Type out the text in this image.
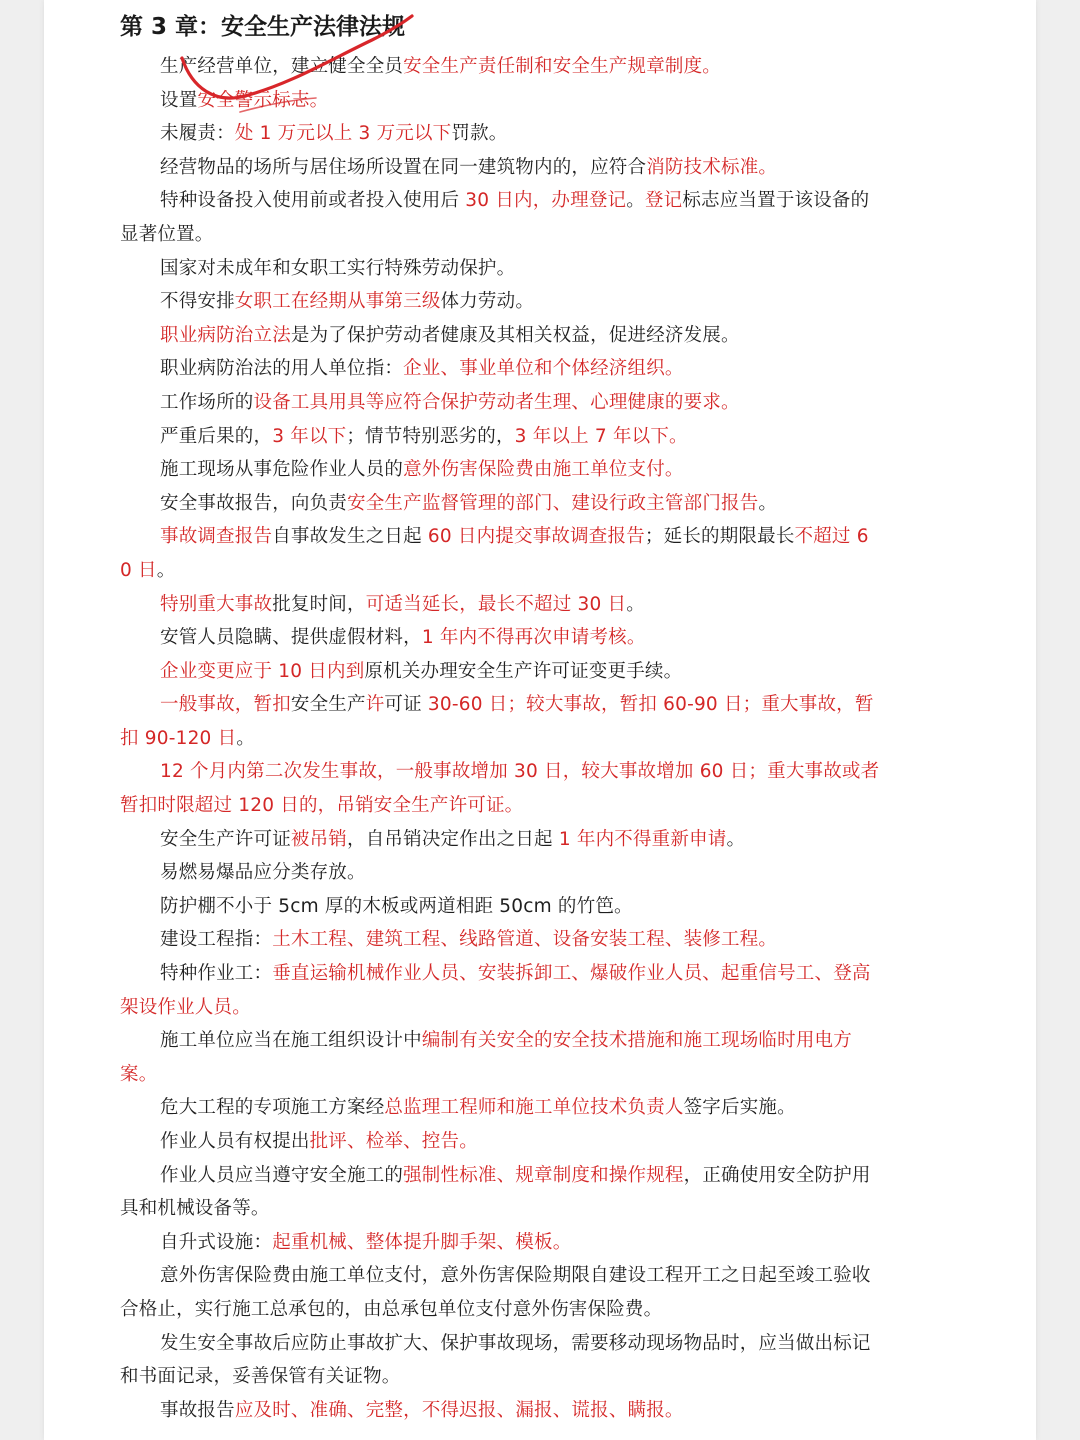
第 3 章：安全生产法律法规

生产经营单位，建立健全全员安全生产责任制和安全生产规章制度。

设置安全警示标志。

未履责：处 1 万元以上 3 万元以下罚款。

经营物品的场所与居住场所设置在同一建筑物内的，应符合消防技术标准。

特种设备投入使用前或者投入使用后 30 日内，办理登记。登记标志应当置于该设备的显著位置。

国家对未成年和女职工实行特殊劳动保护。

不得安排女职工在经期从事第三级体力劳动。

职业病防治立法是为了保护劳动者健康及其相关权益，促进经济发展。

职业病防治法的用人单位指：企业、事业单位和个体经济组织。

工作场所的设备工具用具等应符合保护劳动者生理、心理健康的要求。

严重后果的，3 年以下；情节特别恶劣的，3 年以上 7 年以下。

施工现场从事危险作业人员的意外伤害保险费由施工单位支付。

安全事故报告，向负责安全生产监督管理的部门、建设行政主管部门报告。

事故调查报告自事故发生之日起 60 日内提交事故调查报告；延长的期限最长不超过 60 日。

特别重大事故批复时间，可适当延长，最长不超过 30 日。

安管人员隐瞒、提供虚假材料，1 年内不得再次申请考核。

企业变更应于 10 日内到原机关办理安全生产许可证变更手续。

一般事故，暂扣安全生产许可证 30-60 日；较大事故，暂扣 60-90 日；重大事故，暂扣 90-120 日。

12 个月内第二次发生事故，一般事故增加 30 日，较大事故增加 60 日；重大事故或者暂扣时限超过 120 日的，吊销安全生产许可证。

安全生产许可证被吊销，自吊销决定作出之日起 1 年内不得重新申请。

易燃易爆品应分类存放。

防护棚不小于 5cm 厚的木板或两道相距 50cm 的竹笆。

建设工程指：土木工程、建筑工程、线路管道、设备安装工程、装修工程。

特种作业工：垂直运输机械作业人员、安装拆卸工、爆破作业人员、起重信号工、登高架设作业人员。

施工单位应当在施工组织设计中编制有关安全的安全技术措施和施工现场临时用电方案。

危大工程的专项施工方案经总监理工程师和施工单位技术负责人签字后实施。

作业人员有权提出批评、检举、控告。

作业人员应当遵守安全施工的强制性标准、规章制度和操作规程，正确使用安全防护用具和机械设备等。

自升式设施：起重机械、整体提升脚手架、模板。

意外伤害保险费由施工单位支付，意外伤害保险期限自建设工程开工之日起至竣工验收合格止，实行施工总承包的，由总承包单位支付意外伤害保险费。

发生安全事故后应防止事故扩大、保护事故现场，需要移动现场物品时，应当做出标记和书面记录，妥善保管有关证物。

事故报告应及时、准确、完整，不得迟报、漏报、谎报、瞒报。
